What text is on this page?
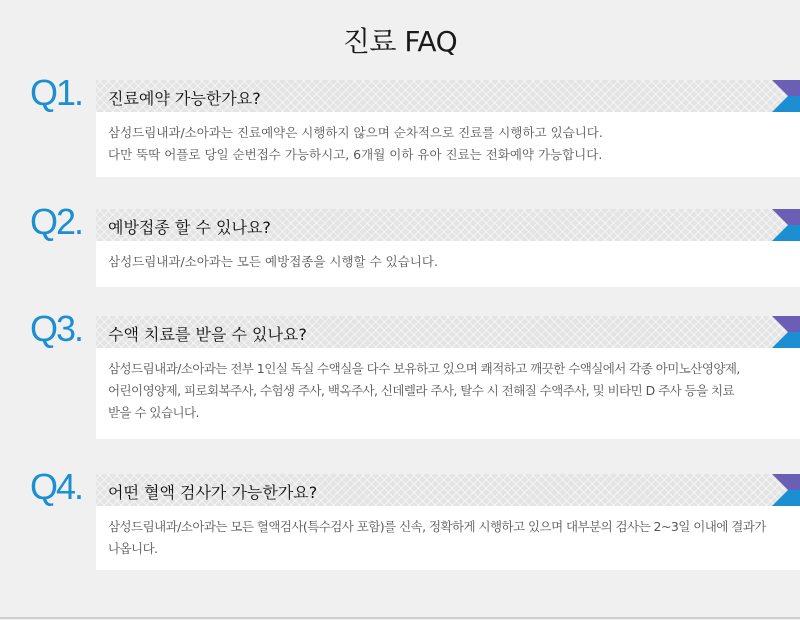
진료 FAQ
Q1. 진료예약 가능한가요?
삼성드림내과/소아과는 진료예약은 시행하지 않으며 순차적으로 진료를 시행하고 있습니다.
다만 뚝딱 어플로 당일 순번접수 가능하시고, 6개월 이하 유아 진료는 전화예약 가능합니다.
Q2. 예방접종 할 수 있나요?
삼성드림내과/소아과는 모든 예방접종을 시행할 수 있습니다.
Q3. 수액 치료를 받을 수 있나요?
삼성드림내과/소아과는 전부 1인실 독실 수액실을 다수 보유하고 있으며 쾌적하고 깨끗한 수액실에서 각종 아미노산영양제,
어린이영양제, 피로회복주사, 수험생 주사, 백옥주사, 신데렐라 주사, 탈수 시 전해질 수액주사, 및 비타민 D 주사 등을 치료
받을 수 있습니다.
Q4. 어떤 혈액 검사가 가능한가요?
삼성드림내과/소아과는 모든 혈액검사(특수검사 포함)를 신속, 정확하게 시행하고 있으며 대부분의 검사는 2~3일 이내에 결과가
나옵니다.
